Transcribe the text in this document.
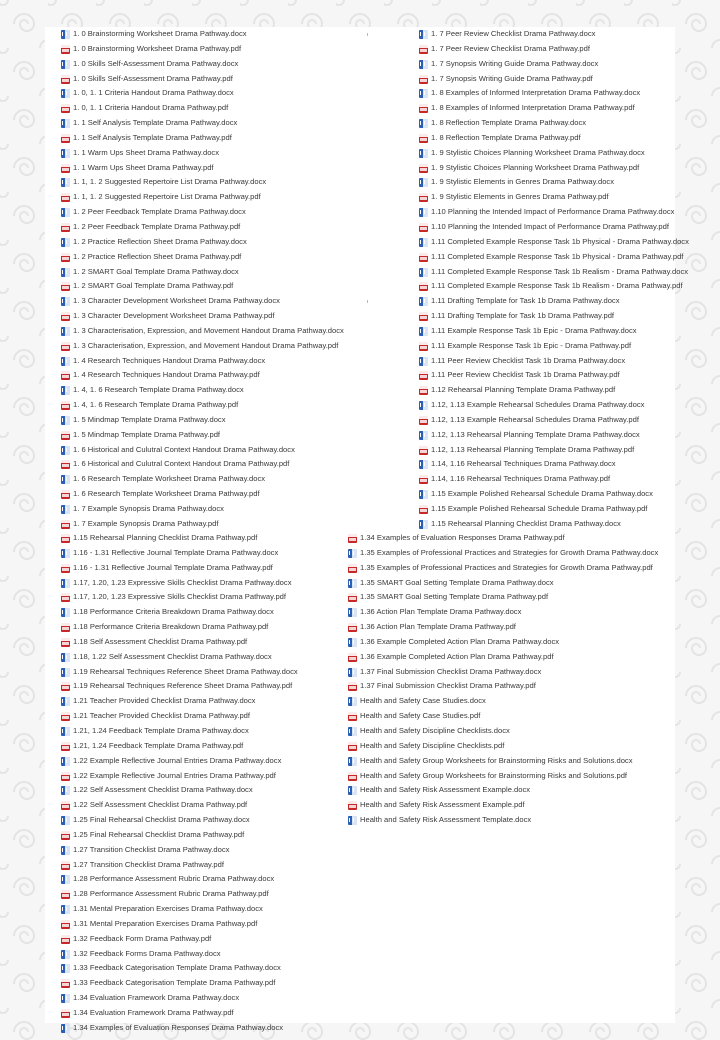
1. 0 Brainstorming Worksheet Drama Pathway.docx
1. 0 Brainstorming Worksheet Drama Pathway.pdf
1. 0 Skills Self-Assessment Drama Pathway.docx
1. 0 Skills Self-Assessment Drama Pathway.pdf
1. 0, 1. 1 Criteria Handout Drama Pathway.docx
1. 0, 1. 1 Criteria Handout Drama Pathway.pdf
1. 1 Self Analysis Template Drama Pathway.docx
1. 1 Self Analysis Template Drama Pathway.pdf
1. 1 Warm Ups Sheet Drama Pathway.docx
1. 1 Warm Ups Sheet Drama Pathway.pdf
1. 1, 1. 2 Suggested Repertoire List Drama Pathway.docx
1. 1, 1. 2 Suggested Repertoire List Drama Pathway.pdf
1. 2 Peer Feedback Template Drama Pathway.docx
1. 2 Peer Feedback Template Drama Pathway.pdf
1. 2 Practice Reflection Sheet Drama Pathway.docx
1. 2 Practice Reflection Sheet Drama Pathway.pdf
1. 2 SMART Goal Template Drama Pathway.docx
1. 2 SMART Goal Template Drama Pathway.pdf
1. 3 Character Development Worksheet Drama Pathway.docx
1. 3 Character Development Worksheet Drama Pathway.pdf
1. 3 Characterisation, Expression, and Movement Handout Drama Pathway.docx
1. 3 Characterisation, Expression, and Movement Handout Drama Pathway.pdf
1. 4 Research Techniques Handout Drama Pathway.docx
1. 4 Research Techniques Handout Drama Pathway.pdf
1. 4, 1. 6 Research Template Drama Pathway.docx
1. 4, 1. 6 Research Template Drama Pathway.pdf
1. 5 Mindmap Template Drama Pathway.docx
1. 5 Mindmap Template Drama Pathway.pdf
1. 6 Historical and Culutral Context Handout Drama Pathway.docx
1. 6 Historical and Culutral Context Handout Drama Pathway.pdf
1. 6 Research Template Worksheet Drama Pathway.docx
1. 6 Research Template Worksheet Drama Pathway.pdf
1. 7 Example Synopsis Drama Pathway.docx
1. 7 Example Synopsis Drama Pathway.pdf
1. 7 Peer Review Checklist Drama Pathway.docx
1. 7 Peer Review Checklist Drama Pathway.pdf
1. 7 Synopsis Writing Guide Drama Pathway.docx
1. 7 Synopsis Writing Guide Drama Pathway.pdf
1. 8 Examples of Informed Interpretation Drama Pathway.docx
1. 8 Examples of Informed Interpretation Drama Pathway.pdf
1. 8 Reflection Template Drama Pathway.docx
1. 8 Reflection Template Drama Pathway.pdf
1. 9 Stylistic Choices Planning Worksheet Drama Pathway.docx
1. 9 Stylistic Choices Planning Worksheet Drama Pathway.pdf
1. 9 Stylistic Elements in Genres Drama Pathway.docx
1. 9 Stylistic Elements in Genres Drama Pathway.pdf
1.10 Planning the Intended Impact of Performance Drama Pathway.docx
1.10 Planning the Intended Impact of Performance Drama Pathway.pdf
1.11 Completed Example Response Task 1b Physical - Drama Pathway.docx
1.11 Completed Example Response Task 1b Physical - Drama Pathway.pdf
1.11 Completed Example Response Task 1b Realism - Drama Pathway.docx
1.11 Completed Example Response Task 1b Realism - Drama Pathway.pdf
1.11 Drafting Template for Task 1b Drama Pathway.docx
1.11 Drafting Template for Task 1b Drama Pathway.pdf
1.11 Example Response Task 1b Epic - Drama Pathway.docx
1.11 Example Response Task 1b Epic - Drama Pathway.pdf
1.11 Peer Review Checklist Task 1b Drama Pathway.docx
1.11 Peer Review Checklist Task 1b Drama Pathway.pdf
1.12 Rehearsal Planning Template Drama Pathway.pdf
1.12, 1.13 Example Rehearsal Schedules Drama Pathway.docx
1.12, 1.13 Example Rehearsal Schedules Drama Pathway.pdf
1.12, 1.13 Rehearsal Planning Template Drama Pathway.docx
1.12, 1.13 Rehearsal Planning Template Drama Pathway.pdf
1.14, 1.16 Rehearsal Techniques Drama Pathway.docx
1.14, 1.16 Rehearsal Techniques Drama Pathway.pdf
1.15 Example Polished Rehearsal Schedule Drama Pathway.docx
1.15 Example Polished Rehearsal Schedule Drama Pathway.pdf
1.15 Rehearsal Planning Checklist Drama Pathway.docx
1.15 Rehearsal Planning Checklist Drama Pathway.pdf
1.16 - 1.31 Reflective Journal Template Drama Pathway.docx
1.16 - 1.31 Reflective Journal Template Drama Pathway.pdf
1.17, 1.20, 1.23 Expressive Skills Checklist Drama Pathway.docx
1.17, 1.20, 1.23 Expressive Skills Checklist Drama Pathway.pdf
1.18 Performance Criteria Breakdown Drama Pathway.docx
1.18 Performance Criteria Breakdown Drama Pathway.pdf
1.18 Self Assessment Checklist Drama Pathway.pdf
1.18, 1.22 Self Assessment Checklist Drama Pathway.docx
1.19 Rehearsal Techniques Reference Sheet Drama Pathway.docx
1.19 Rehearsal Techniques Reference Sheet Drama Pathway.pdf
1.21 Teacher Provided Checklist Drama Pathway.docx
1.21 Teacher Provided Checklist Drama Pathway.pdf
1.21, 1.24 Feedback Template Drama Pathway.docx
1.21, 1.24 Feedback Template Drama Pathway.pdf
1.22 Example Reflective Journal Entries Drama Pathway.docx
1.22 Example Reflective Journal Entries Drama Pathway.pdf
1.22 Self Assessment Checklist Drama Pathway.docx
1.22 Self Assessment Checklist Drama Pathway.pdf
1.25 Final Rehearsal Checklist Drama Pathway.docx
1.25 Final Rehearsal Checklist Drama Pathway.pdf
1.27 Transition Checklist Drama Pathway.docx
1.27 Transition Checklist Drama Pathway.pdf
1.28 Performance Assessment Rubric Drama Pathway.docx
1.28 Performance Assessment Rubric Drama Pathway.pdf
1.31 Mental Preparation Exercises Drama Pathway.docx
1.31 Mental Preparation Exercises Drama Pathway.pdf
1.32 Feedback Form Drama Pathway.pdf
1.32 Feedback Forms Drama Pathway.docx
1.33 Feedback Categorisation Template Drama Pathway.docx
1.33 Feedback Categorisation Template Drama Pathway.pdf
1.34 Evaluation Framework Drama Pathway.docx
1.34 Evaluation Framework Drama Pathway.pdf
1.34 Examples of Evaluation Responses Drama Pathway.docx
1.34 Examples of Evaluation Responses Drama Pathway.pdf
1.35 Examples of Professional Practices and Strategies for Growth Drama Pathway.docx
1.35 Examples of Professional Practices and Strategies for Growth Drama Pathway.pdf
1.35 SMART Goal Setting Template Drama Pathway.docx
1.35 SMART Goal Setting Template Drama Pathway.pdf
1.36 Action Plan Template Drama Pathway.docx
1.36 Action Plan Template Drama Pathway.pdf
1.36 Example Completed Action Plan Drama Pathway.docx
1.36 Example Completed Action Plan Drama Pathway.pdf
1.37 Final Submission Checklist Drama Pathway.docx
1.37 Final Submission Checklist Drama Pathway.pdf
Health and Safety Case Studies.docx
Health and Safety Case Studies.pdf
Health and Safety Discipline Checklists.docx
Health and Safety Discipline Checklists.pdf
Health and Safety Group Worksheets for Brainstorming Risks and Solutions.docx
Health and Safety Group Worksheets for Brainstorming Risks and Solutions.pdf
Health and Safety Risk Assessment Example.docx
Health and Safety Risk Assessment Example.pdf
Health and Safety Risk Assessment Template.docx
